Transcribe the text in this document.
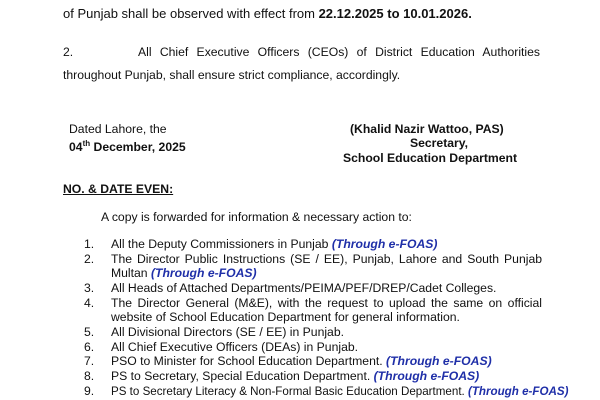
of Punjab shall be observed with effect from 22.12.2025 to 10.01.2026.
2.	All Chief Executive Officers (CEOs) of District Education Authorities
throughout Punjab, shall ensure strict compliance, accordingly.
Dated Lahore, the
04th December, 2025
(Khalid Nazir Wattoo, PAS)
Secretary,
School Education Department
NO. & DATE EVEN:
A copy is forwarded for information & necessary action to:
1. All the Deputy Commissioners in Punjab (Through e-FOAS)
2. The Director Public Instructions (SE / EE), Punjab, Lahore and South Punjab
Multan (Through e-FOAS)
3. All Heads of Attached Departments/PEIMA/PEF/DREP/Cadet Colleges.
4. The Director General (M&E), with the request to upload the same on official
website of School Education Department for general information.
5. All Divisional Directors (SE / EE) in Punjab.
6. All Chief Executive Officers (DEAs) in Punjab.
7. PSO to Minister for School Education Department. (Through e-FOAS)
8. PS to Secretary, Special Education Department. (Through e-FOAS)
9. PS to Secretary Literacy & Non-Formal Basic Education Department. (Through e-FOAS)
